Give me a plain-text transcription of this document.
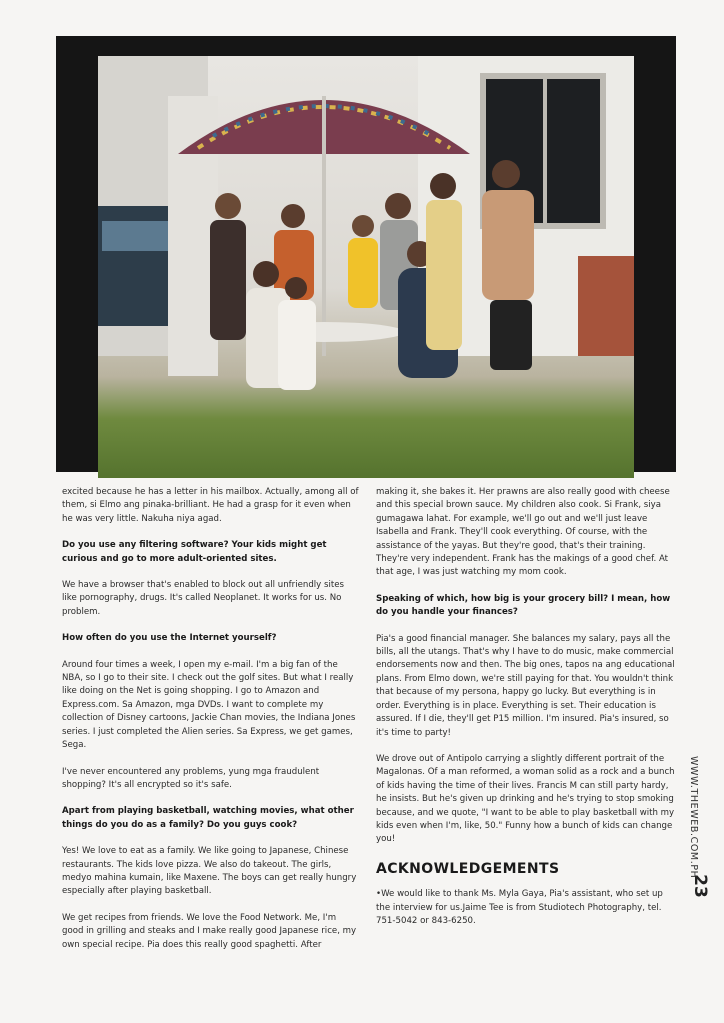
excited because he has a letter in his mailbox. Actually, among all of them, si Elmo ang pinaka-brilliant. He had a grasp for it even when he was very little. Nakuha niya agad.

Do you use any filtering software? Your kids might get curious and go to more adult-oriented sites.

We have a browser that's enabled to block out all unfriendly sites like pornography, drugs. It's called Neoplanet. It works for us. No problem.

How often do you use the Internet yourself?

Around four times a week, I open my e-mail. I'm a big fan of the NBA, so I go to their site. I check out the golf sites. But what I really like doing on the Net is going shopping. I go to Amazon and Express.com. Sa Amazon, mga DVDs. I want to complete my collection of Disney cartoons, Jackie Chan movies, the Indiana Jones series. I just completed the Alien series. Sa Express, we get games, Sega.

I've never encountered any problems, yung mga fraudulent shopping? It's all encrypted so it's safe.

Apart from playing basketball, watching movies, what other things do you do as a family? Do you guys cook?

Yes! We love to eat as a family. We like going to Japanese, Chinese restaurants. The kids love pizza. We also do takeout. The girls, medyo mahina kumain, like Maxene. The boys can get really hungry especially after playing basketball.

We get recipes from friends. We love the Food Network. Me, I'm good in grilling and steaks and I make really good Japanese rice, my own special recipe. Pia does this really good spaghetti. After

making it, she bakes it. Her prawns are also really good with cheese and this special brown sauce. My children also cook. Si Frank, siya gumagawa lahat. For example, we'll go out and we'll just leave Isabella and Frank. They'll cook everything. Of course, with the assistance of the yayas. But they're good, that's their training. They're very independent. Frank has the makings of a good chef. At that age, I was just watching my mom cook.

Speaking of which, how big is your grocery bill? I mean, how do you handle your finances?

Pia's a good financial manager. She balances my salary, pays all the bills, all the utangs. That's why I have to do music, make commercial endorsements now and then. The big ones, tapos na ang educational plans. From Elmo down, we're still paying for that. You wouldn't think that because of my persona, happy go lucky. But everything is in order. Everything is in place. Everything is set. Their education is assured. If I die, they'll get P15 million. I'm insured. Pia's insured, so it's time to party!

We drove out of Antipolo carrying a slightly different portrait of the Magalonas. Of a man reformed, a woman solid as a rock and a bunch of kids having the time of their lives. Francis M can still party hardy, he insists. But he's given up drinking and he's trying to stop smoking because, and we quote, "I want to be able to play basketball with my kids even when I'm, like, 50." Funny how a bunch of kids can change you!

ACKNOWLEDGEMENTS

•We would like to thank Ms. Myla Gaya, Pia's assistant, who set up the interview for us.Jaime Tee is from Studiotech Photography, tel. 751-5042 or 843-6250.

WWW.THEWEB.COM.PH
23
